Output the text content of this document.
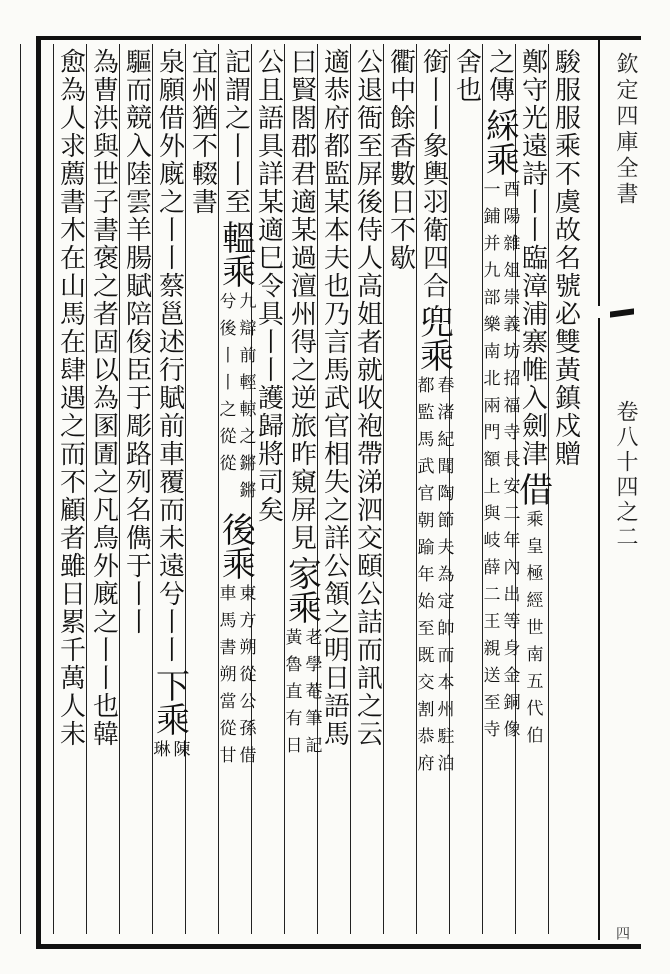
欽定四庫全書
卷八十四之二
四
駿服服乘不虞故名號必雙黃鎮戍贈
鄭守光遠詩丨丨臨漳浦寨帷入劍津
借
乘皇極經世南五代伯
之傳
綵乘
酉陽雜俎崇義坊招福寺長安二年內出等身金銅像
一鋪并九部樂南北兩門額上與岐薛二王親送至寺
舍也
銜丨丨象輿羽衛四合
兜乘
春渚紀聞陶節夫為定帥而本州駐泊
都監馬武官朝踰年始至既交割恭府
衢中餘香數日不歇
公退衙至屏後侍人高姐者就收袍帶涕泗交頤公詰而訊之云
適恭府都監某本夫也乃言馬武官相失之詳公頷之明日語馬
曰賢閤郡君適某過澶州得之逆旅昨窺屏見
家乘
老學菴筆記
黃魯直有日
公且語具詳某適巳令具丨丨護歸將司矣
記謂之丨丨至
轀乘
九辯前輕輬之鏘鏘
兮後丨丨之從從
後乘
東方朔從公孫借
車馬書朔當從甘
宜州猶不輟書
泉願借外廐之丨丨蔡邕述行賦前車覆而未遠兮丨丨
下乘
陳
琳
驅而競入陸雲羊腸賦陪俊臣于彫路列名儁于丨丨
為曹洪與世子書褒之者固以為圂圊之凡鳥外廐之丨丨也韓
愈為人求薦書木在山馬在肆遇之而不顧者雖日累千萬人未
